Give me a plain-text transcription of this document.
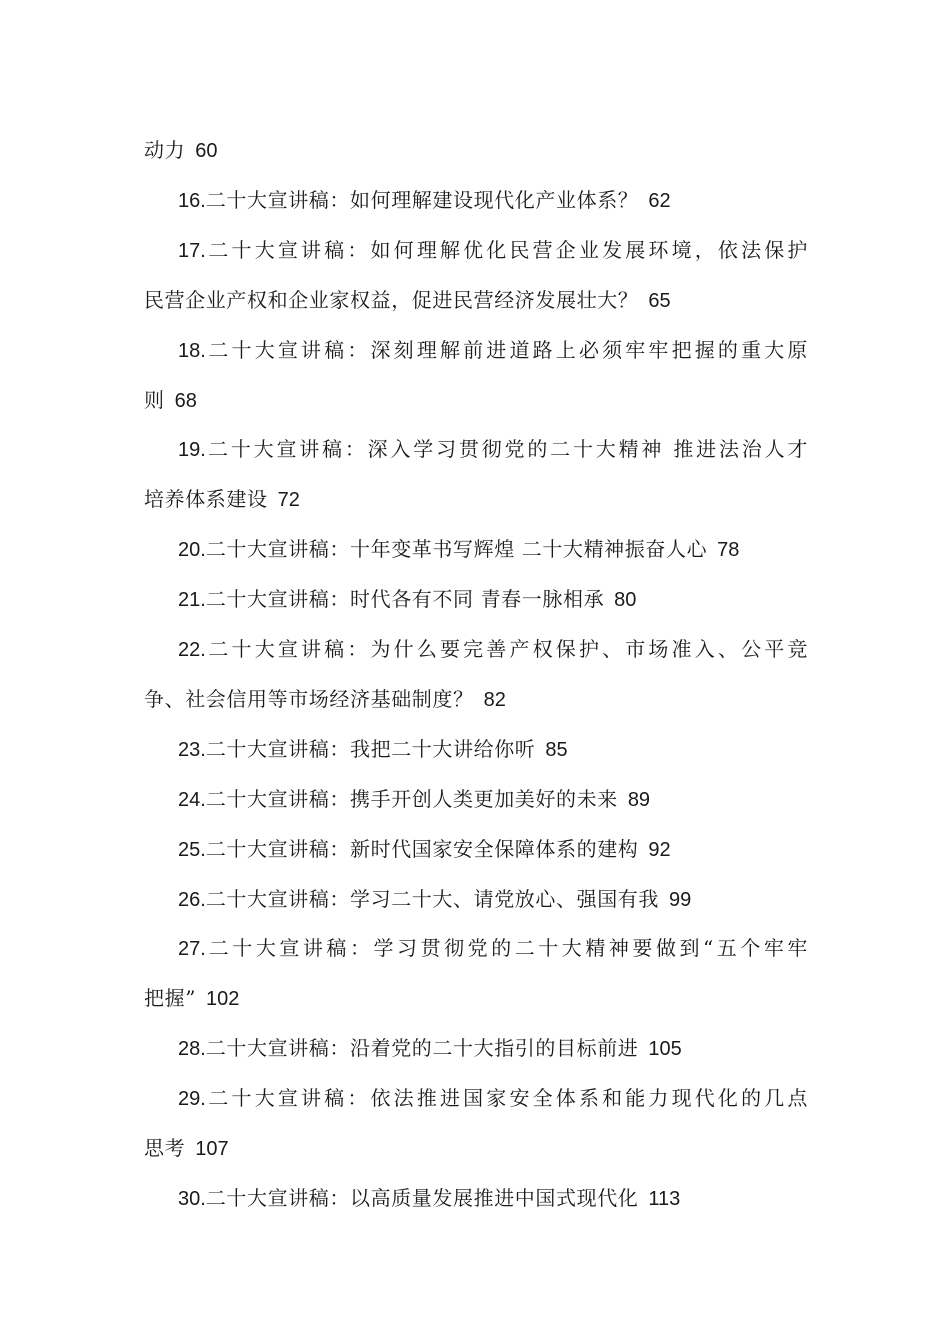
动力 60
16.二十大宣讲稿：如何理解建设现代化产业体系？ 62
17.二十大宣讲稿：如何理解优化民营企业发展环境，依法保护
民营企业产权和企业家权益，促进民营经济发展壮大？ 65
18.二十大宣讲稿：深刻理解前进道路上必须牢牢把握的重大原
则 68
19.二十大宣讲稿：深入学习贯彻党的二十大精神 推进法治人才
培养体系建设 72
20.二十大宣讲稿：十年变革书写辉煌 二十大精神振奋人心 78
21.二十大宣讲稿：时代各有不同 青春一脉相承 80
22.二十大宣讲稿：为什么要完善产权保护、市场准入、公平竞
争、社会信用等市场经济基础制度？ 82
23.二十大宣讲稿：我把二十大讲给你听 85
24.二十大宣讲稿：携手开创人类更加美好的未来 89
25.二十大宣讲稿：新时代国家安全保障体系的建构 92
26.二十大宣讲稿：学习二十大、请党放心、强国有我 99
27.二十大宣讲稿：学习贯彻党的二十大精神要做到“五个牢牢
把握” 102
28.二十大宣讲稿：沿着党的二十大指引的目标前进 105
29.二十大宣讲稿：依法推进国家安全体系和能力现代化的几点
思考 107
30.二十大宣讲稿：以高质量发展推进中国式现代化 113
